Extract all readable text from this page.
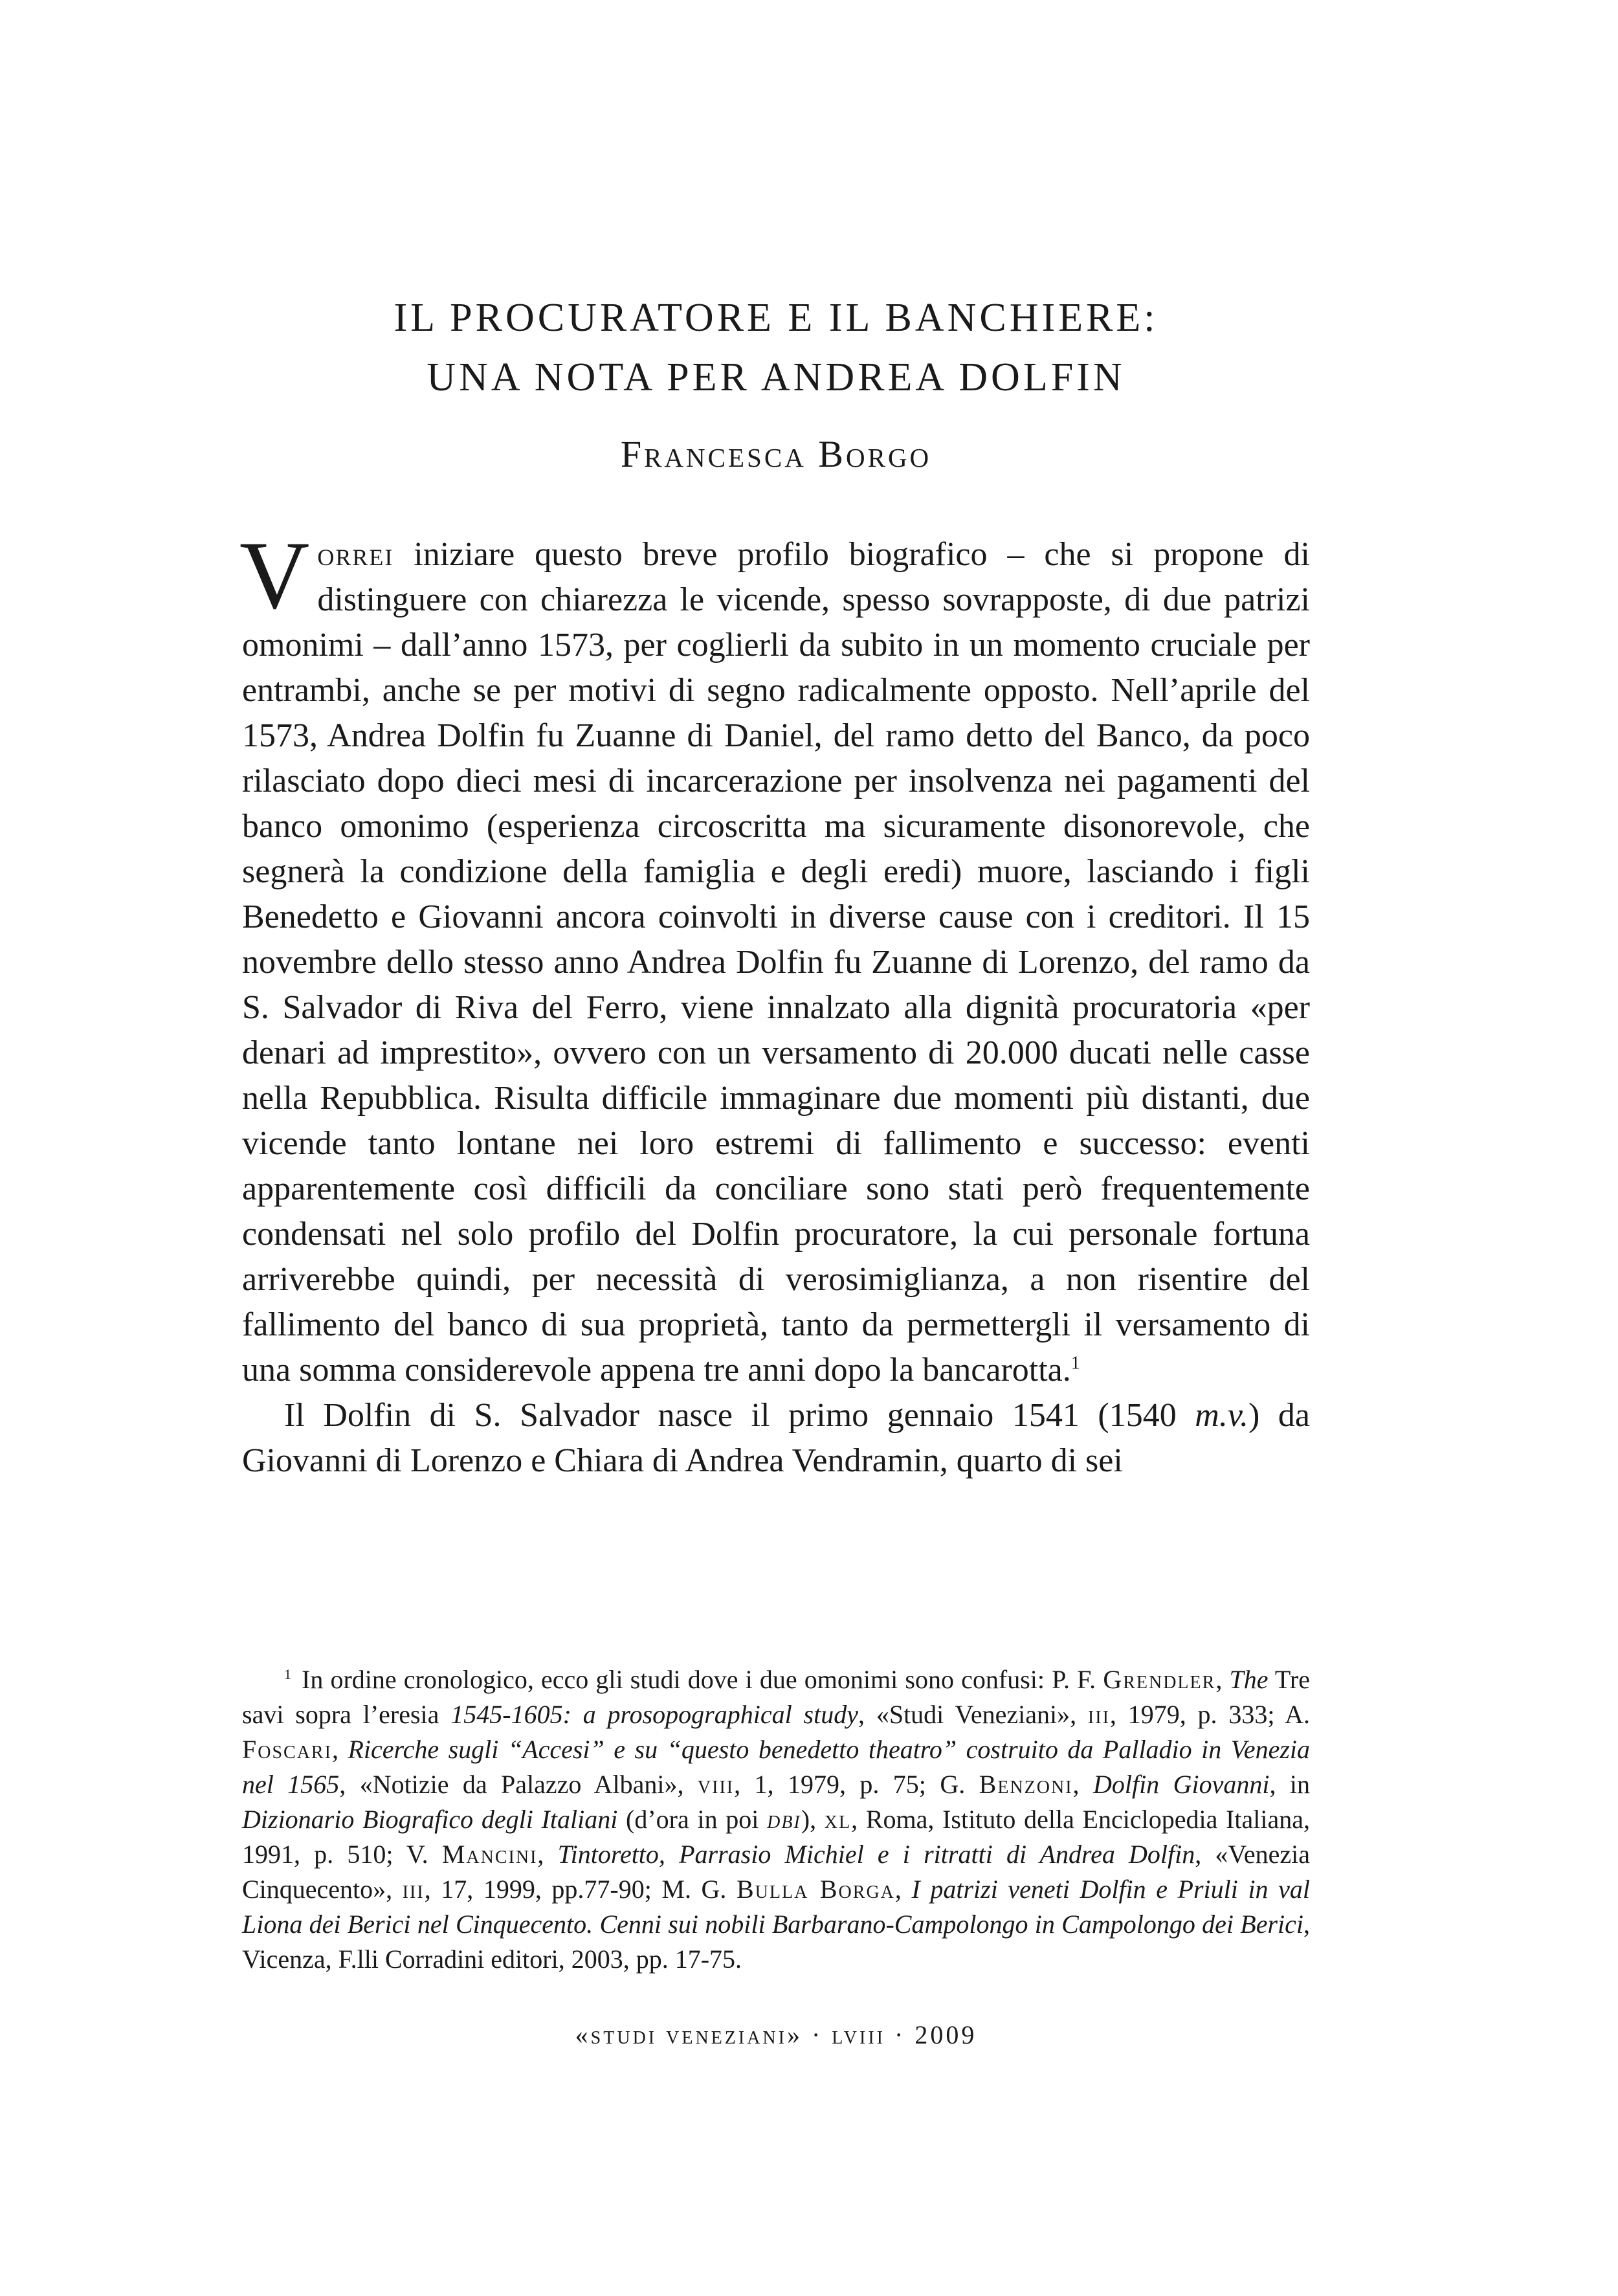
IL PROCURATORE E IL BANCHIERE:
UNA NOTA PER ANDREA DOLFIN
Francesca Borgo

Vorrei iniziare questo breve profilo biografico – che si propone di distinguere con chiarezza le vicende, spesso sovrapposte, di due patrizi omonimi – dall’anno 1573, per coglierli da subito in un momento cruciale per entrambi, anche se per motivi di segno radicalmente opposto. Nell’aprile del 1573, Andrea Dolfin fu Zuanne di Daniel, del ramo detto del Banco, da poco rilasciato dopo dieci mesi di incarcerazione per insolvenza nei pagamenti del banco omonimo (esperienza circoscritta ma sicuramente disonorevole, che segnerà la condizione della famiglia e degli eredi) muore, lasciando i figli Benedetto e Giovanni ancora coinvolti in diverse cause con i creditori. Il 15 novembre dello stesso anno Andrea Dolfin fu Zuanne di Lorenzo, del ramo da S. Salvador di Riva del Ferro, viene innalzato alla dignità procuratoria «per denari ad imprestito», ovvero con un versamento di 20.000 ducati nelle casse nella Repubblica. Risulta difficile immaginare due momenti più distanti, due vicende tanto lontane nei loro estremi di fallimento e successo: eventi apparentemente così difficili da conciliare sono stati però frequentemente condensati nel solo profilo del Dolfin procuratore, la cui personale fortuna arriverebbe quindi, per necessità di verosimiglianza, a non risentire del fallimento del banco di sua proprietà, tanto da permettergli il versamento di una somma considerevole appena tre anni dopo la bancarotta.$^1$

Il Dolfin di S. Salvador nasce il primo gennaio 1541 (1540 m.v.) da Giovanni di Lorenzo e Chiara di Andrea Vendramin, quarto di sei

$^1$ In ordine cronologico, ecco gli studi dove i due omonimi sono confusi: P. F. Grendler, The Tre savi sopra l’eresia 1545-1605: a prosopographical study, «Studi Veneziani», iii, 1979, p. 333; A. Foscari, Ricerche sugli “Accesi” e su “questo benedetto theatro” costruito da Palladio in Venezia nel 1565, «Notizie da Palazzo Albani», viii, 1, 1979, p. 75; G. Benzoni, Dolfin Giovanni, in Dizionario Biografico degli Italiani (d’ora in poi dbi), xl, Roma, Istituto della Enciclopedia Italiana, 1991, p. 510; V. Mancini, Tintoretto, Parrasio Michiel e i ritratti di Andrea Dolfin, «Venezia Cinquecento», iii, 17, 1999, pp.77-90; M. G. Bulla Borga, I patrizi veneti Dolfin e Priuli in val Liona dei Berici nel Cinquecento. Cenni sui nobili Barbarano-Campolongo in Campolongo dei Berici, Vicenza, F.lli Corradini editori, 2003, pp. 17-75.

«studi veneziani» · lviii · 2009
